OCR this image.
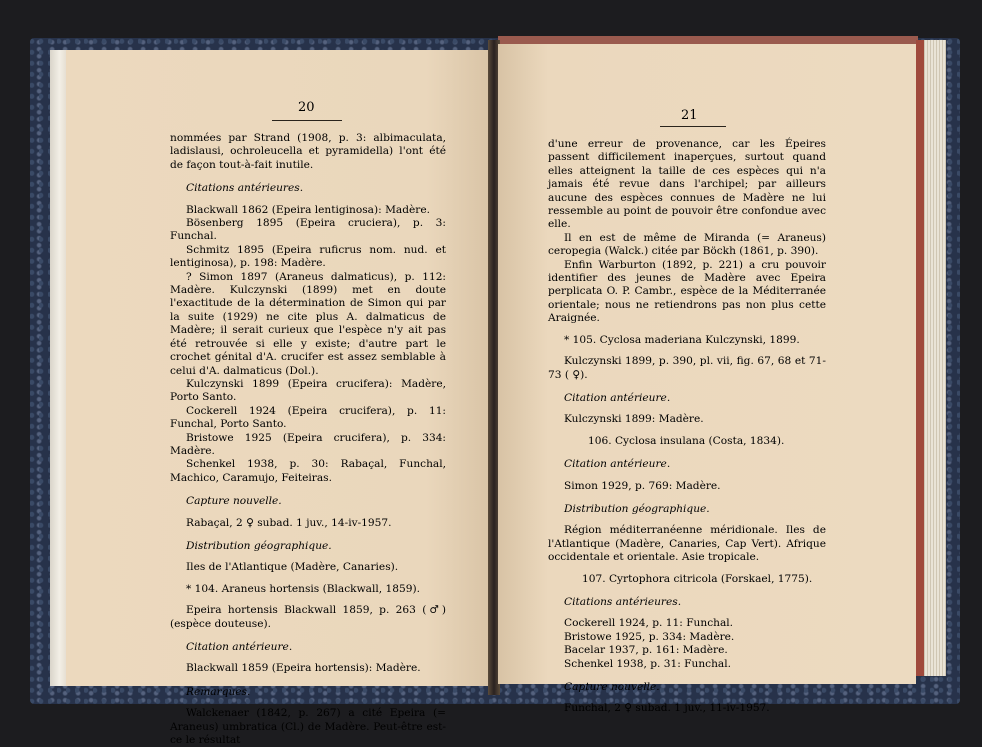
20

nommées par Strand (1908, p. 3: albimaculata, ladislausi, ochroleucella et pyramidella) l'ont été de façon tout-à-fait inutile.

Citations antérieures.

Blackwall 1862 (Epeira lentiginosa): Madère.

Bösenberg 1895 (Epeira cruciera), p. 3: Funchal.

Schmitz 1895 (Epeira ruficrus nom. nud. et lentiginosa), p. 198: Madère.

? Simon 1897 (Araneus dalmaticus), p. 112: Madère. Kulczynski (1899) met en doute l'exactitude de la détermination de Simon qui par la suite (1929) ne cite plus A. dalmaticus de Madère; il serait curieux que l'espèce n'y ait pas été retrouvée si elle y existe; d'autre part le crochet génital d'A. crucifer est assez semblable à celui d'A. dalmaticus (Dol.).

Kulczynski 1899 (Epeira crucifera): Madère, Porto Santo.

Cockerell 1924 (Epeira crucifera), p. 11: Funchal, Porto Santo.

Bristowe 1925 (Epeira crucifera), p. 334: Madère.

Schenkel 1938, p. 30: Rabaçal, Funchal, Machico, Caramujo, Feiteiras.

Capture nouvelle.

Rabaçal, 2 ♀ subad. 1 juv., 14-iv-1957.

Distribution géographique.

Iles de l'Atlantique (Madère, Canaries).

* 104. Araneus hortensis (Blackwall, 1859).

Epeira hortensis Blackwall 1859, p. 263 (♂) (espèce douteuse).

Citation antérieure.

Blackwall 1859 (Epeira hortensis): Madère.

Remarques.

Walckenaer (1842, p. 267) a cité Epeira (= Araneus) umbratica (Cl.) de Madère. Peut-être est-ce le résultat

21

d'une erreur de provenance, car les Épeires passent difficilement inaperçues, surtout quand elles atteignent la taille de ces espèces qui n'a jamais été revue dans l'archipel; par ailleurs aucune des espèces connues de Madère ne lui ressemble au point de pouvoir être confondue avec elle.

Il en est de même de Miranda (= Araneus) ceropegia (Walck.) citée par Böckh (1861, p. 390).

Enfin Warburton (1892, p. 221) a cru pouvoir identifier des jeunes de Madère avec Epeira perplicata O. P. Cambr., espèce de la Méditerranée orientale; nous ne retiendrons pas non plus cette Araignée.

* 105. Cyclosa maderiana Kulczynski, 1899.

Kulczynski 1899, p. 390, pl. vii, fig. 67, 68 et 71-73 ( ♀).

Citation antérieure.

Kulczynski 1899: Madère.

106. Cyclosa insulana (Costa, 1834).

Citation antérieure.

Simon 1929, p. 769: Madère.

Distribution géographique.

Région méditerranéenne méridionale. Iles de l'Atlantique (Madère, Canaries, Cap Vert). Afrique occidentale et orientale. Asie tropicale.

107. Cyrtophora citricola (Forskael, 1775).

Citations antérieures.

Cockerell 1924, p. 11: Funchal.

Bristowe 1925, p. 334: Madère.

Bacelar 1937, p. 161: Madère.

Schenkel 1938, p. 31: Funchal.

Capture nouvelle.

Funchal, 2 ♀ subad. 1 juv., 11-iv-1957.
